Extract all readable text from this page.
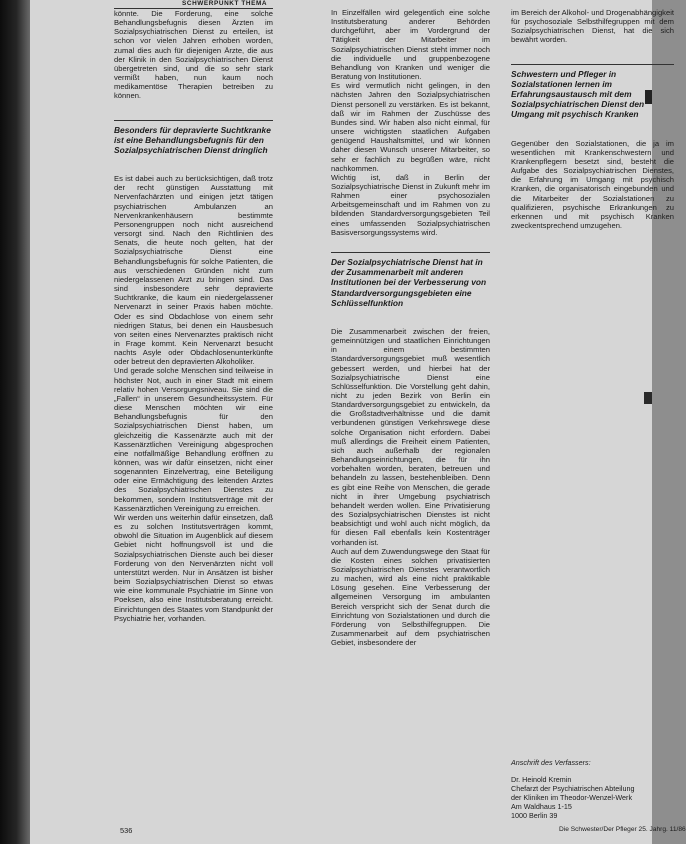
SCHWERPUNKT THEMA

könnte. Die Forderung, eine solche Behandlungsbefugnis diesen Ärzten im Sozialpsychiatrischen Dienst zu erteilen, ist schon vor vielen Jahren erhoben worden, zumal dies auch für diejenigen Ärzte, die aus der Klinik in den Sozialpsychiatrischen Dienst übergetreten sind, und die so sehr stark vermißt haben, nun kaum noch medikamentöse Therapien betreiben zu können.

Besonders für depravierte Suchtkranke ist eine Behandlungsbefugnis für den Sozialpsychiatrischen Dienst dringlich

Es ist dabei auch zu berücksichtigen, daß trotz der recht günstigen Ausstattung mit Nervenfachärzten und einigen jetzt tätigen psychiatrischen Ambulanzen an Nervenkrankenhäusern bestimmte Personengruppen noch nicht ausreichend versorgt sind. Nach den Richtlinien des Senats, die heute noch gelten, hat der Sozialpsychiatrische Dienst eine Behandlungsbefugnis für solche Patienten, die aus verschiedenen Gründen nicht zum niedergelassenen Arzt zu bringen sind. Das sind insbesondere sehr depravierte Suchtkranke, die kaum ein niedergelassener Nervenarzt in seiner Praxis haben möchte. Oder es sind Obdachlose von einem sehr niedrigen Status, bei denen ein Hausbesuch von seiten eines Nervenarztes praktisch nicht in Frage kommt. Kein Nervenarzt besucht nachts Asyle oder Obdachlosenunterkünfte oder betreut den depravierten Alkoholiker.

Und gerade solche Menschen sind teilweise in höchster Not, auch in einer Stadt mit einem relativ hohen Versorgungsniveau. Sie sind die „Fallen“ in unserem Gesundheitssystem. Für diese Menschen möchten wir eine Behandlungsbefugnis für den Sozialpsychiatrischen Dienst haben, um gleichzeitig die Kassenärzte auch mit der Kassenärztlichen Vereinigung abgesprochen eine notfallmäßige Behandlung eröffnen zu können, was wir dafür einsetzen, nicht einer sogenannten Einzelvertrag, eine Beteiligung oder eine Ermächtigung des leitenden Arztes des Sozialpsychiatrischen Dienstes zu bekommen, sondern Institutsverträge mit der Kassenärztlichen Vereinigung zu erreichen.

Wir werden uns weiterhin dafür einsetzen, daß es zu solchen Institutsverträgen kommt, obwohl die Situation im Augenblick auf diesem Gebiet nicht hoffnungsvoll ist und die Sozialpsychiatrischen Dienste auch bei dieser Forderung von den Nervenärzten nicht voll unterstützt werden. Nur in Ansätzen ist bisher beim Sozialpsychiatrischen Dienst so etwas wie eine kommunale Psychiatrie im Sinne von Poeksen, also eine Institutsberatung erreicht. Einrichtungen des Staates vom Standpunkt der Psychiatrie her, vorhanden.

In Einzelfällen wird gelegentlich eine solche Institutsberatung anderer Behörden durchgeführt, aber im Vordergrund der Tätigkeit der Mitarbeiter im Sozialpsychiatrischen Dienst steht immer noch die individuelle und gruppenbezogene Behandlung von Kranken und weniger die Beratung von Institutionen.

Es wird vermutlich nicht gelingen, in den nächsten Jahren den Sozialpsychiatrischen Dienst personell zu verstärken. Es ist bekannt, daß wir im Rahmen der Zuschüsse des Bundes sind. Wir haben also nicht einmal, für unsere wichtigsten staatlichen Aufgaben genügend Haushaltsmittel, und wir können daher diesen Wunsch unserer Mitarbeiter, so sehr er fachlich zu begrüßen wäre, nicht nachkommen.

Wichtig ist, daß in Berlin der Sozialpsychiatrische Dienst in Zukunft mehr im Rahmen einer psychosozialen Arbeitsgemeinschaft und im Rahmen von zu bildenden Standardversorgungsgebieten Teil eines umfassenden Sozialpsychiatrischen Basisversorgungssystems wird.

Der Sozialpsychiatrische Dienst hat in der Zusammenarbeit mit anderen Institutionen bei der Verbesserung von Standardversorgungsgebieten eine Schlüsselfunktion

Die Zusammenarbeit zwischen der freien, gemeinnützigen und staatlichen Einrichtungen in einem bestimmten Standardversorgungsgebiet muß wesentlich gebessert werden, und hierbei hat der Sozialpsychiatrische Dienst eine Schlüsselfunktion. Die Vorstellung geht dahin, nicht zu jeden Bezirk von Berlin ein Standardversorgungsgebiet zu entwickeln, da die Großstadtverhältnisse und die damit verbundenen günstigen Verkehrswege diese solche Organisation nicht erfordern. Dabei muß allerdings die Freiheit einem Patienten, sich auch außerhalb der regionalen Behandlungseinrichtungen, die für ihn vorbehalten worden, beraten, betreuen und behandeln zu lassen, bestehenbleiben. Denn es gibt eine Reihe von Menschen, die gerade nicht in ihrer Umgebung psychiatrisch behandelt werden wollen. Eine Privatisierung des Sozialpsychiatrischen Dienstes ist nicht beabsichtigt und wohl auch nicht möglich, da für diesen Fall ebenfalls kein Kostenträger vorhanden ist.

Auch auf dem Zuwendungswege den Staat für die Kosten eines solchen privatisierten Sozialpsychiatrischen Dienstes verantwortlich zu machen, wird als eine nicht praktikable Lösung gesehen. Eine Verbesserung der allgemeinen Versorgung im ambulanten Bereich verspricht sich der Senat durch die Einrichtung von Sozialstationen und durch die Förderung von Selbsthilfegruppen. Die Zusammenarbeit auf dem psychiatrischen Gebiet, insbesondere der

im Bereich der Alkohol- und Drogenabhängigkeit für psychosoziale Selbsthilfegruppen mit dem Sozialpsychiatrischen Dienst, hat die sich bewährt worden.

Schwestern und Pfleger in Sozialstationen lernen im Erfahrungsaustausch mit dem Sozialpsychiatrischen Dienst den Umgang mit psychisch Kranken

Gegenüber den Sozialstationen, die ja im wesentlichen mit Krankenschwestern und Krankenpflegern besetzt sind, besteht die Aufgabe des Sozialpsychiatrischen Dienstes, die Erfahrung im Umgang mit psychisch Kranken, die organisatorisch eingebunden und die Mitarbeiter der Sozialstationen zu qualifizieren, psychische Erkrankungen zu erkennen und mit psychisch Kranken zweckentsprechend umzugehen.

Anschrift des Verfassers:
Dr. Heinold Kremin
Chefarzt der Psychiatrischen Abteilung
der Kliniken im Theodor-Wenzel-Werk
Am Waldhaus 1-15
1000 Berlin 39
536	Die Schwester/Der Pfleger 25. Jahrg. 11/86
